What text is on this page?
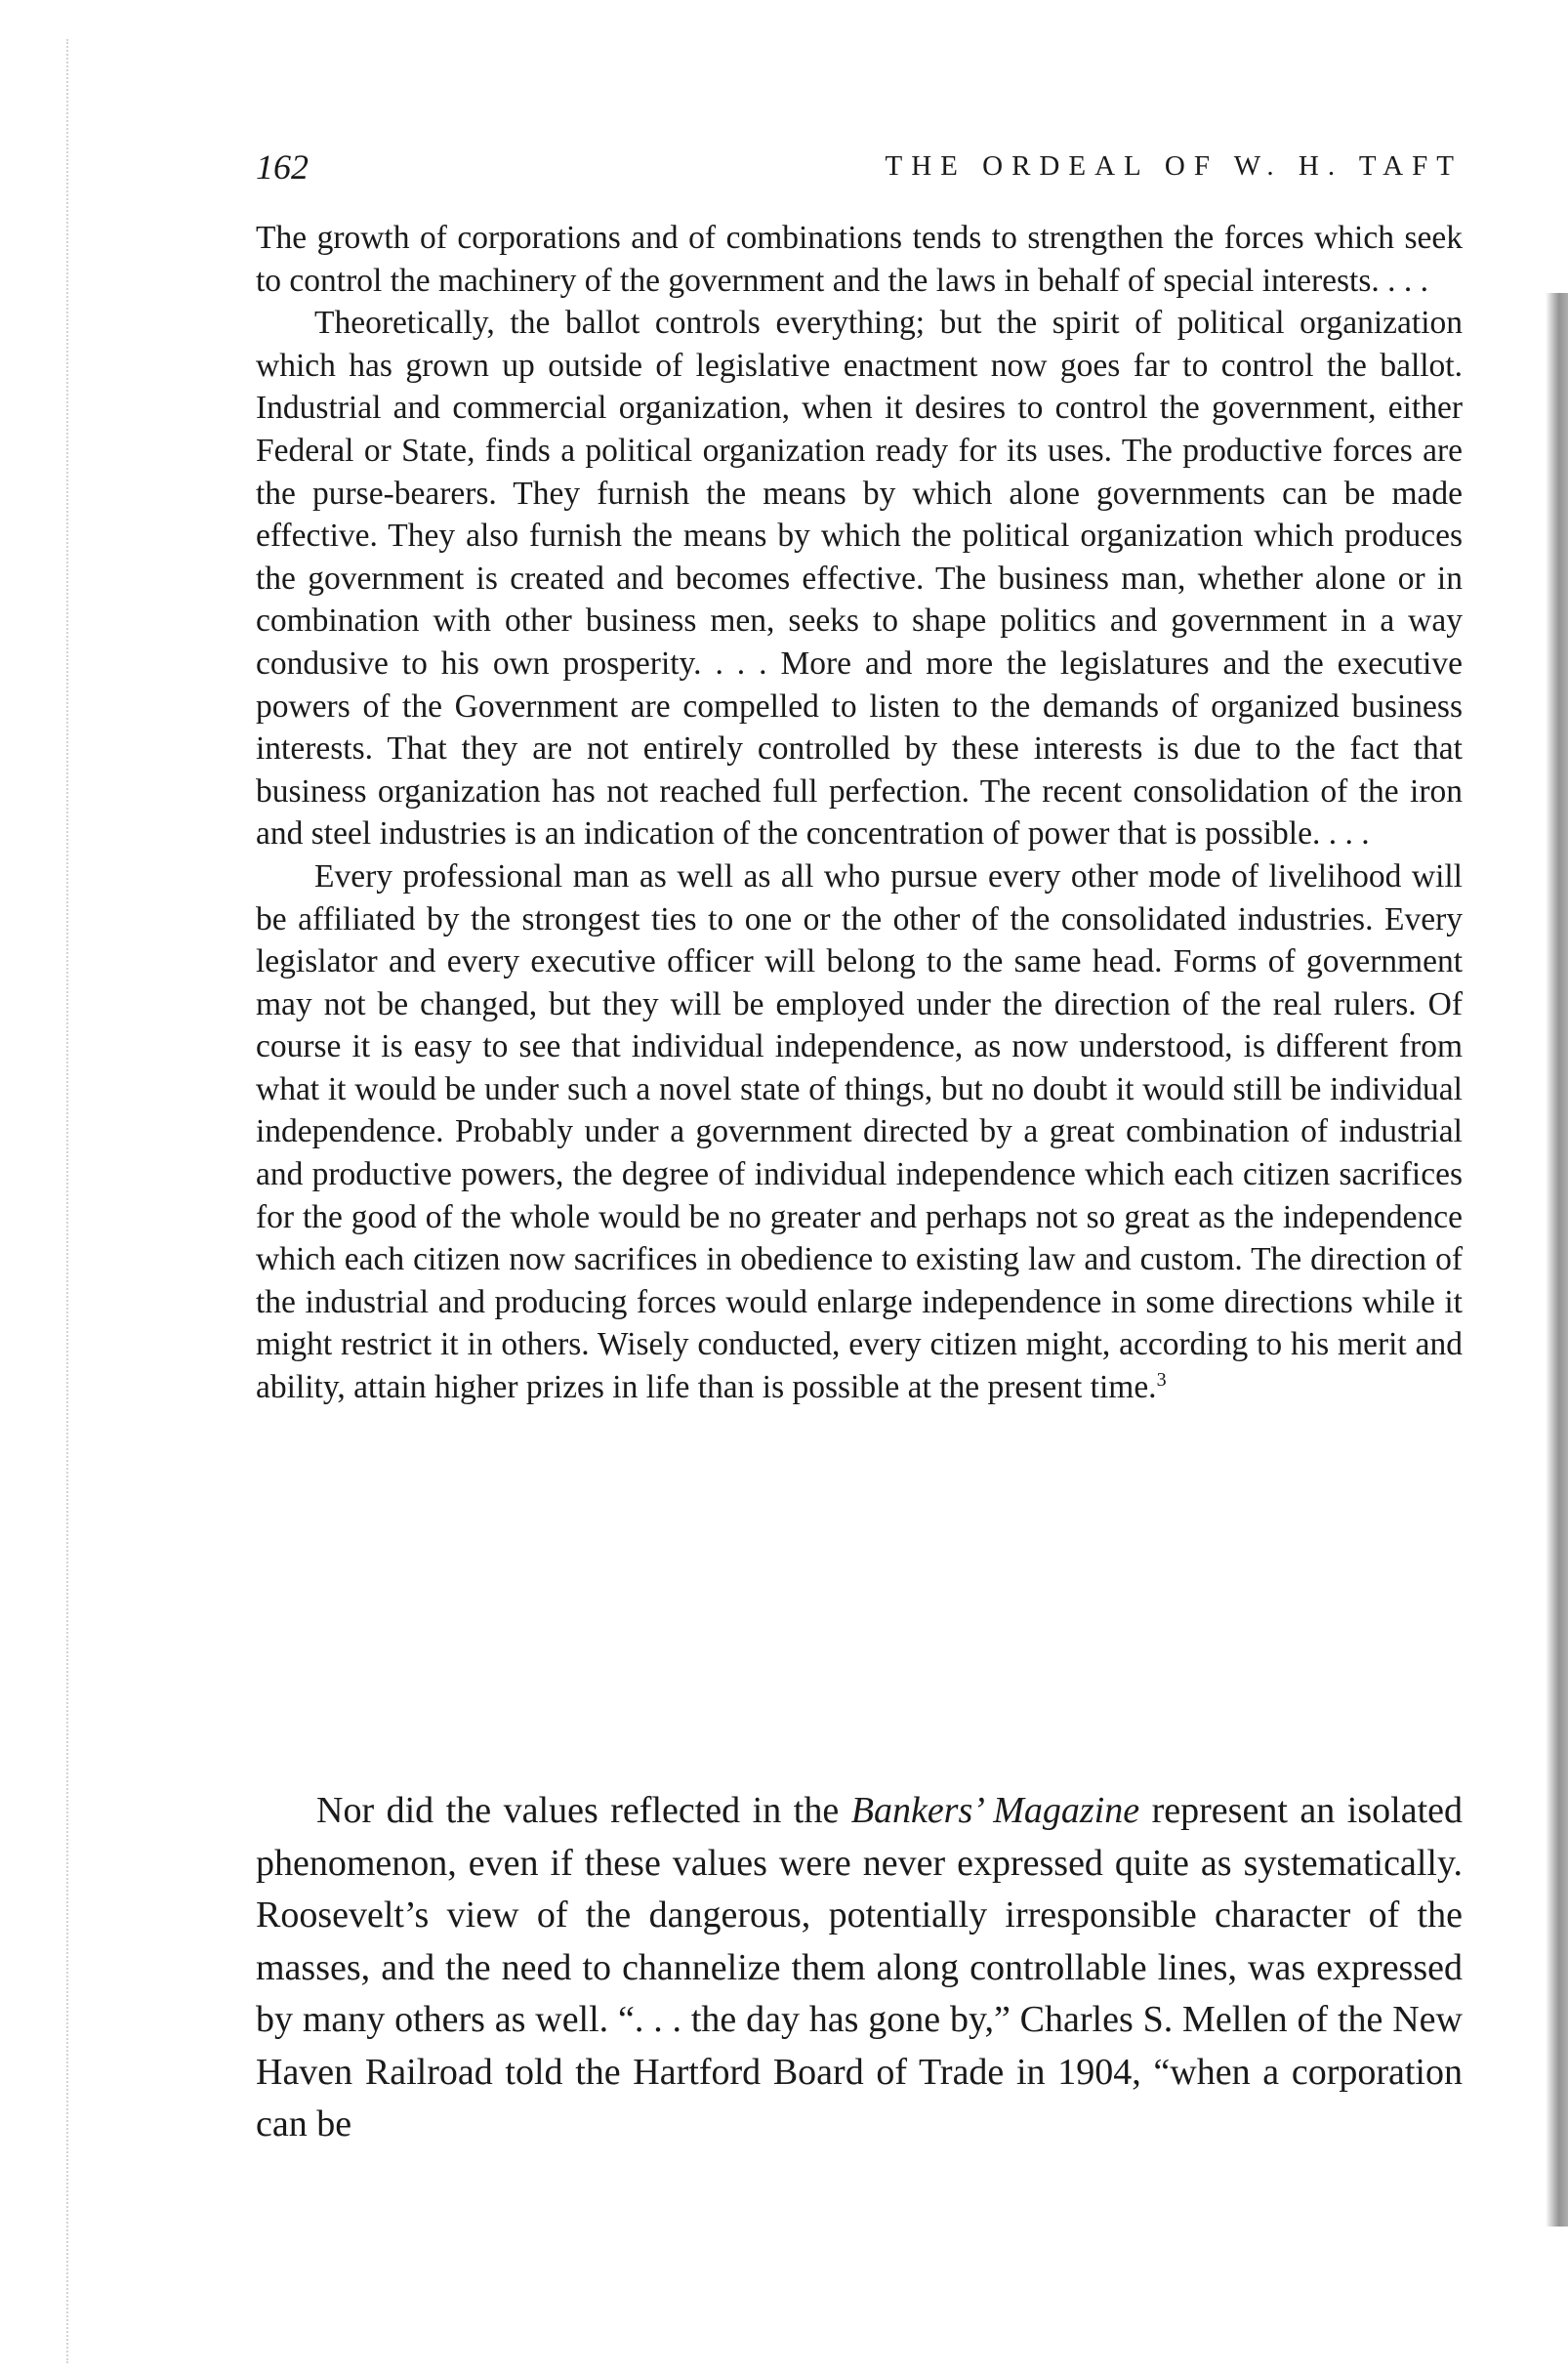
162	THE ORDEAL OF W. H. TAFT

The growth of corporations and of combinations tends to strengthen the forces which seek to control the machinery of the government and the laws in behalf of special interests. . . .

Theoretically, the ballot controls everything; but the spirit of political organization which has grown up outside of legislative enactment now goes far to control the ballot. Industrial and commercial organization, when it desires to control the government, either Federal or State, finds a political organization ready for its uses. The productive forces are the purse-bearers. They furnish the means by which alone governments can be made effective. They also furnish the means by which the political organization which produces the government is created and becomes effective. The business man, whether alone or in combination with other business men, seeks to shape politics and government in a way condusive to his own prosperity. . . . More and more the legislatures and the executive powers of the Government are compelled to listen to the demands of organized business interests. That they are not entirely controlled by these interests is due to the fact that business organization has not reached full perfection. The recent consolidation of the iron and steel industries is an indication of the concentration of power that is possible. . . .

Every professional man as well as all who pursue every other mode of livelihood will be affiliated by the strongest ties to one or the other of the consolidated industries. Every legislator and every executive officer will belong to the same head. Forms of government may not be changed, but they will be employed under the direction of the real rulers. Of course it is easy to see that individual independence, as now understood, is different from what it would be under such a novel state of things, but no doubt it would still be individual independence. Probably under a government directed by a great combination of industrial and productive powers, the degree of individual independence which each citizen sacrifices for the good of the whole would be no greater and perhaps not so great as the independence which each citizen now sacrifices in obedience to existing law and custom. The direction of the industrial and producing forces would enlarge independence in some directions while it might restrict it in others. Wisely conducted, every citizen might, according to his merit and ability, attain higher prizes in life than is possible at the present time.$^3$

Nor did the values reflected in the Bankers’ Magazine represent an isolated phenomenon, even if these values were never expressed quite as systematically. Roosevelt’s view of the dangerous, potentially irresponsible character of the masses, and the need to channelize them along controllable lines, was expressed by many others as well. “. . . the day has gone by,” Charles S. Mellen of the New Haven Railroad told the Hartford Board of Trade in 1904, “when a corporation can be
